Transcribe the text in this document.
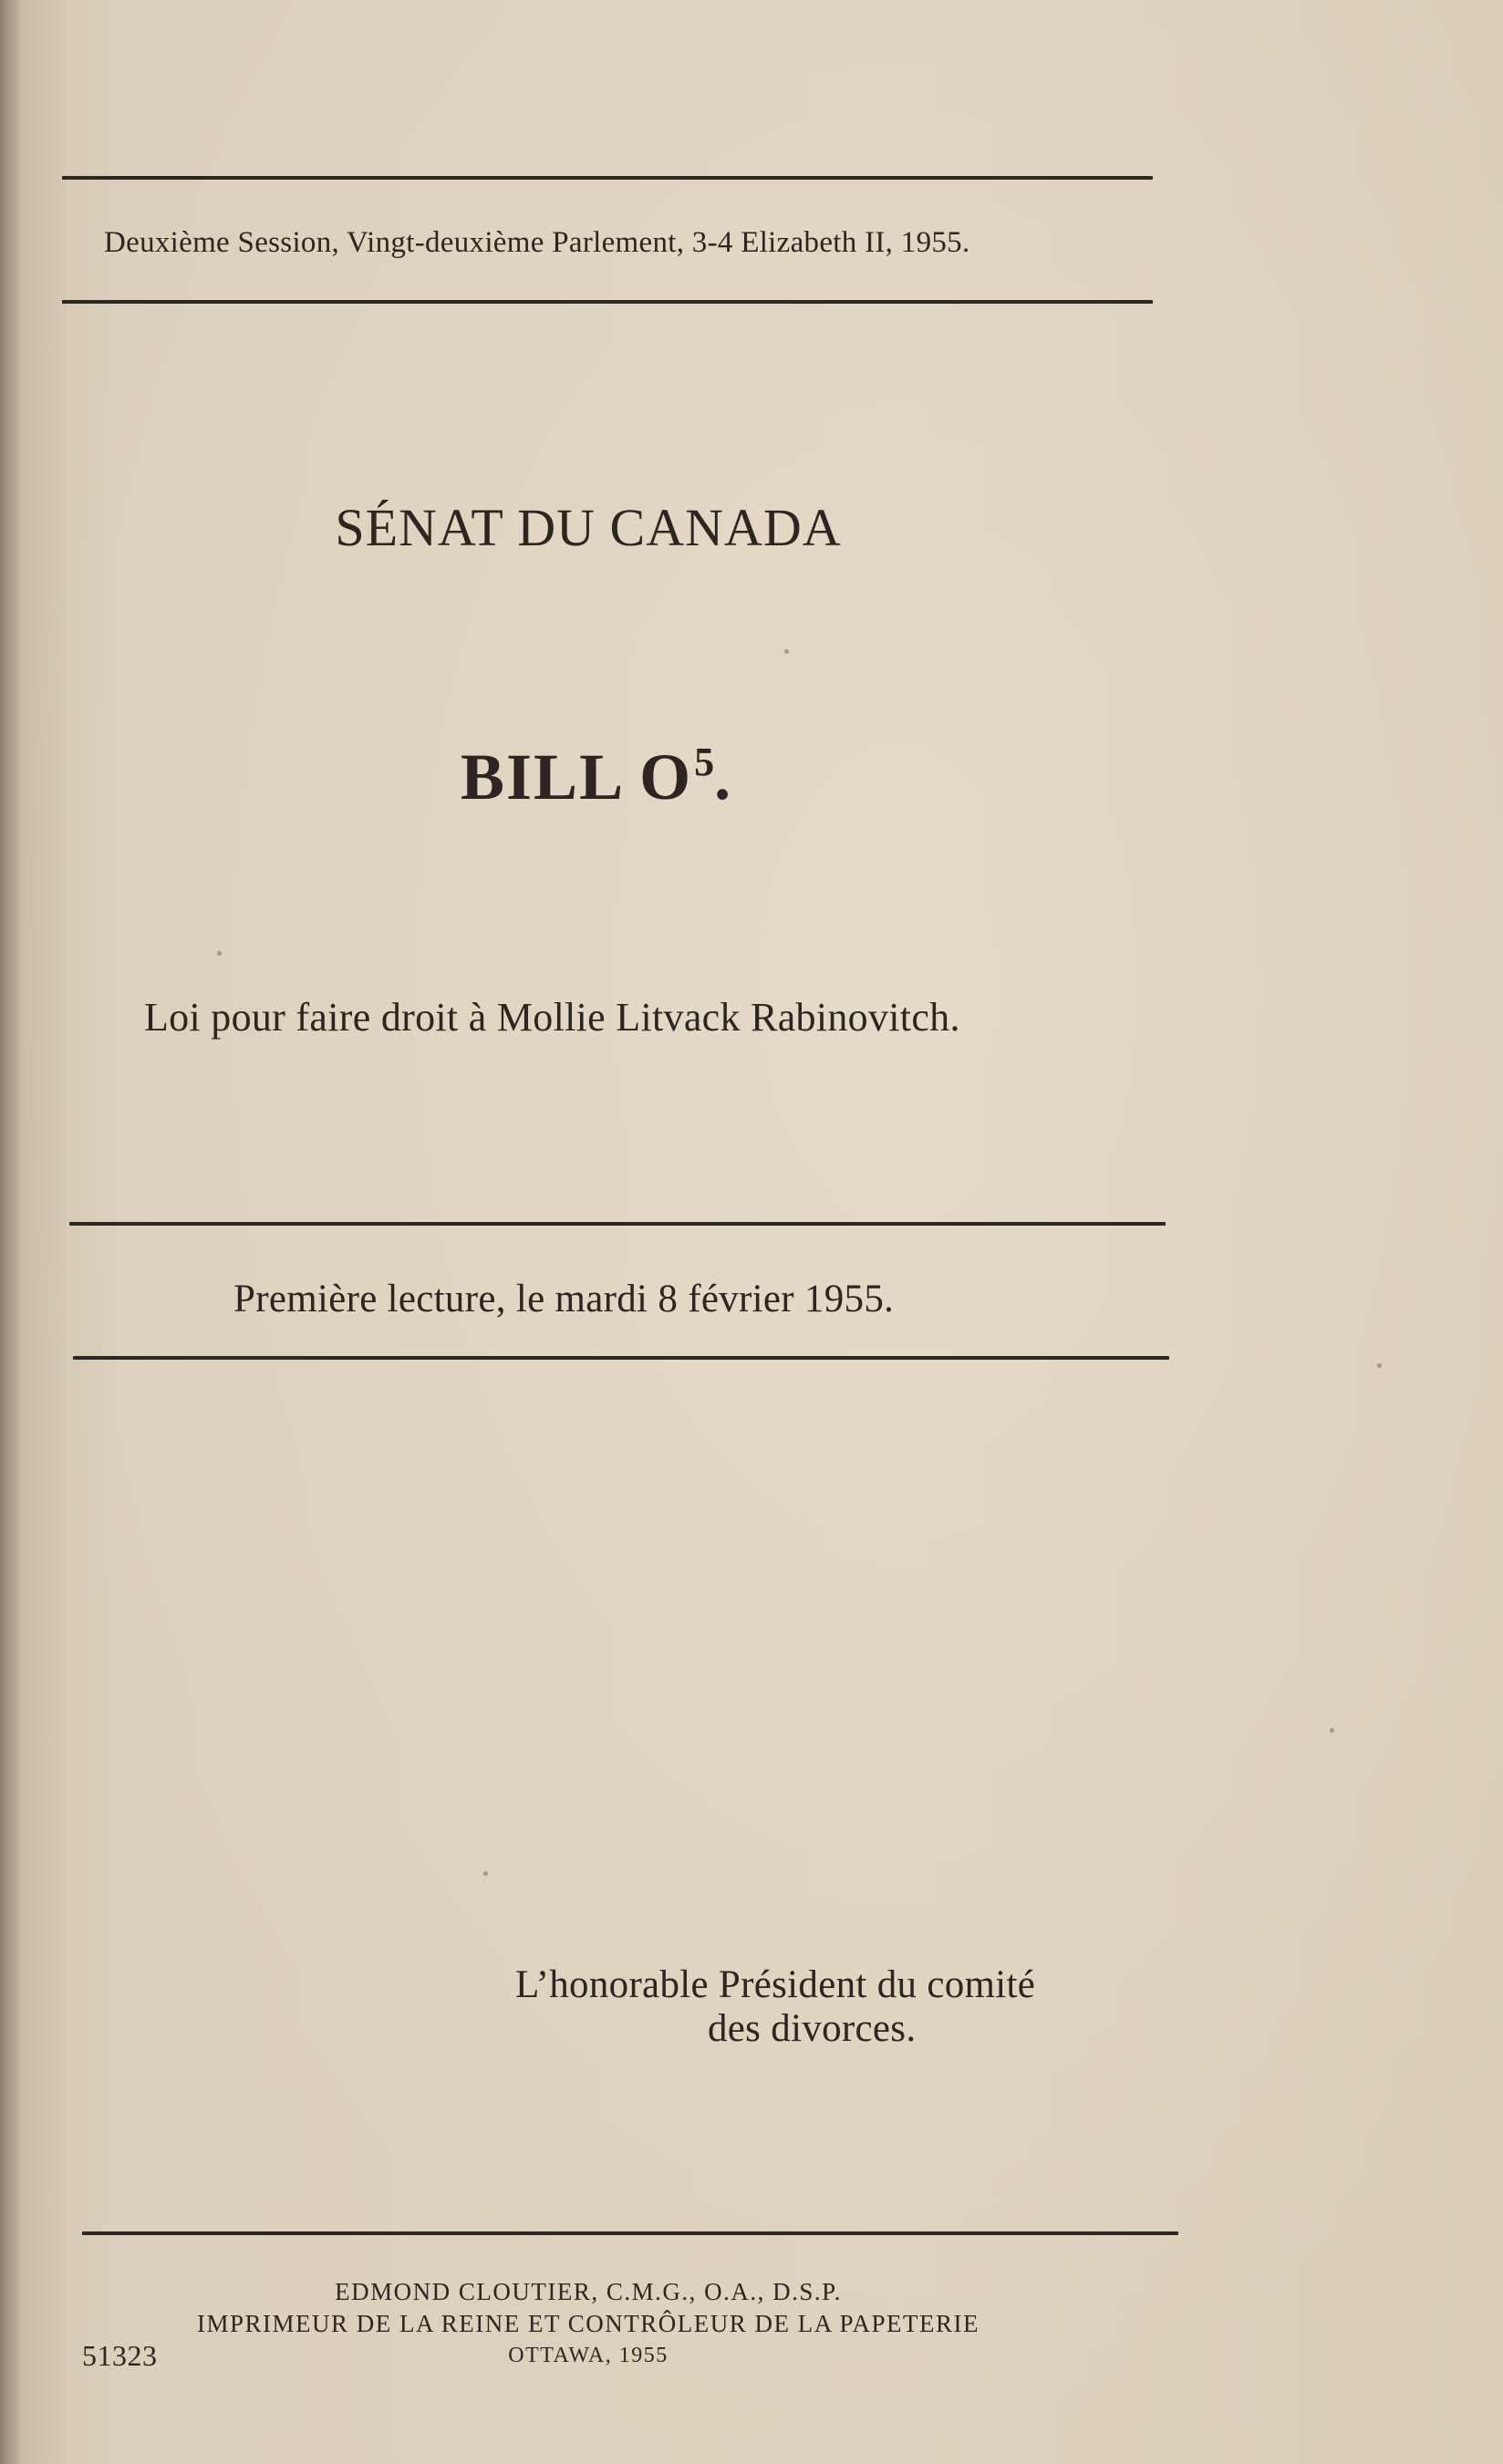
Deuxième Session, Vingt-deuxième Parlement, 3-4 Elizabeth II, 1955.
SÉNAT DU CANADA
BILL $O^5$.
Loi pour faire droit à Mollie Litvack Rabinovitch.
Première lecture, le mardi 8 février 1955.
L’honorable Président du comité
des divorces.
EDMOND CLOUTIER, C.M.G., O.A., D.S.P.
IMPRIMEUR DE LA REINE ET CONTRÔLEUR DE LA PAPETERIE
OTTAWA, 1955
51323
